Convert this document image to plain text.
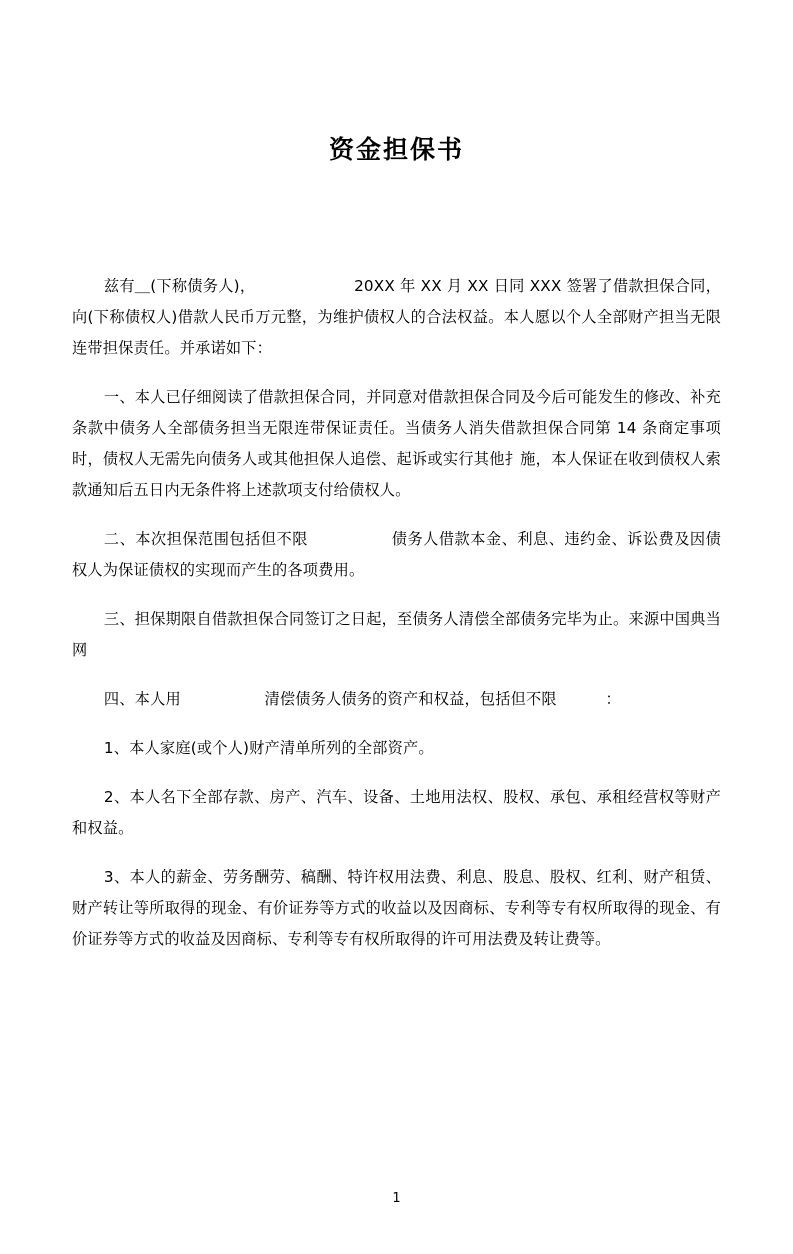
资金担保书

兹有＿(下称债务人)，	20XX 年 XX 月 XX 日同 XXX 签署了借款担保合同，向(下称债权人)借款人民币万元整，为维护债权人的合法权益。本人愿以个人全部财产担当无限连带担保责任。并承诺如下：

一、本人已仔细阅读了借款担保合同，并同意对借款担保合同及今后可能发生的修改、补充条款中债务人全部债务担当无限连带保证责任。当债务人消失借款担保合同第 14 条商定事项时，债权人无需先向债务人或其他担保人追偿、起诉或实行其他扌施，本人保证在收到债权人索款通知后五日内无条件将上述款项支付给债权人。

二、本次担保范围包括但不限	债务人借款本金、利息、违约金、诉讼费及因债权人为保证债权的实现而产生的各项费用。

三、担保期限自借款担保合同签订之日起，至债务人清偿全部债务完毕为止。来源中国典当网

四、本人用	清偿债务人债务的资产和权益，包括但不限	：

1、本人家庭(或个人)财产清单所列的全部资产。

2、本人名下全部存款、房产、汽车、设备、土地用法权、股权、承包、承租经营权等财产和权益。

3、本人的薪金、劳务酬劳、稿酬、特许权用法费、利息、股息、股权、红利、财产租赁、财产转让等所取得的现金、有价证券等方式的收益以及因商标、专利等专有权所取得的现金、有价证券等方式的收益及因商标、专利等专有权所取得的许可用法费及转让费等。

1
